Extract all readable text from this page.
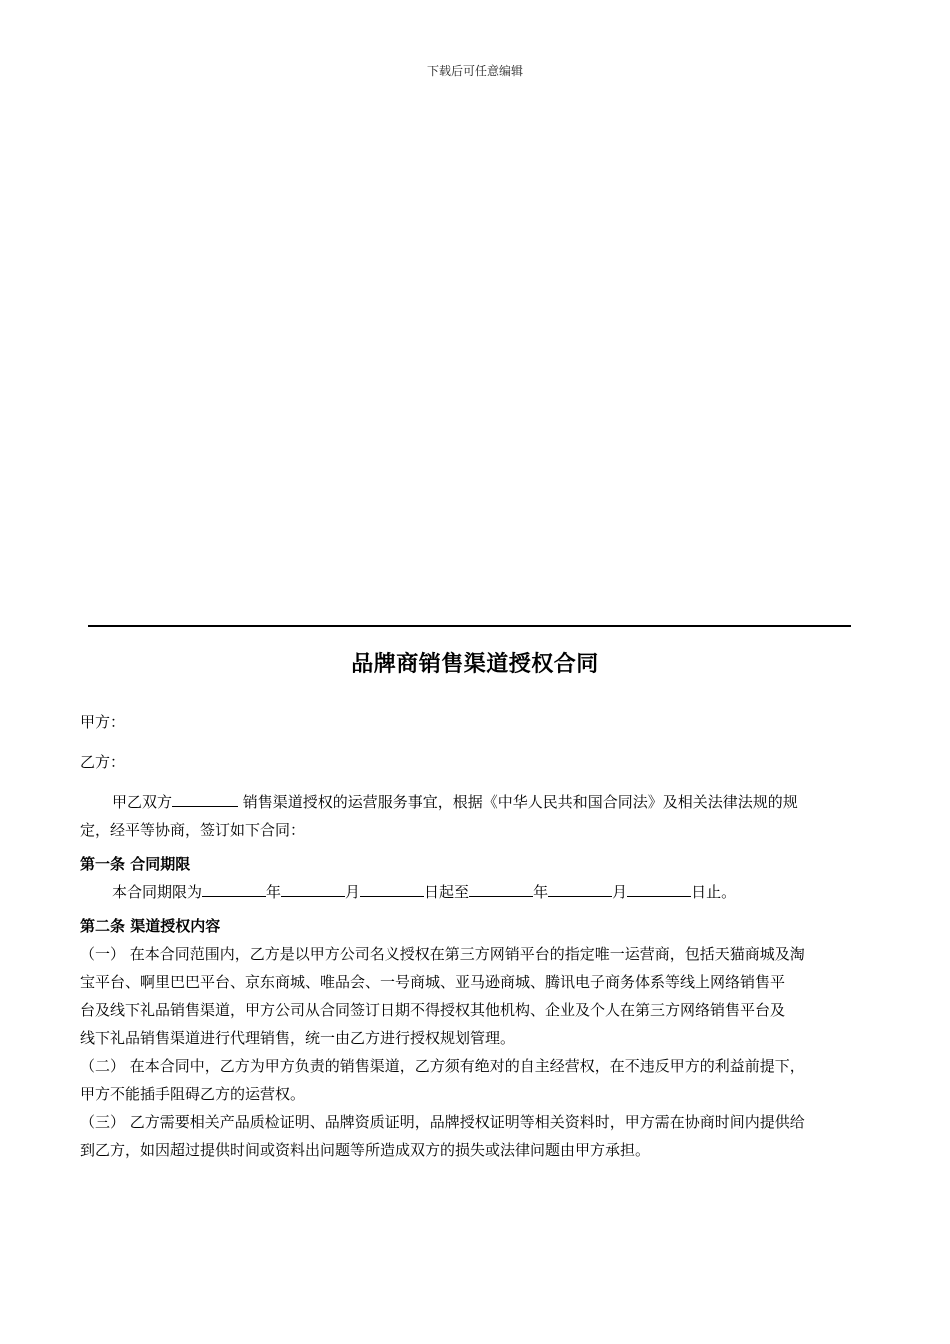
下载后可任意编辑
品牌商销售渠道授权合同

甲方：

乙方：

甲乙双方	销售渠道授权的运营服务事宜，根据《中华人民共和国合同法》及相关法律法规的规

定，经平等协商，签订如下合同：

第一条 合同期限

本合同期限为	年	月	日起至	年	月	日止。

第二条 渠道授权内容

（一） 在本合同范围内，乙方是以甲方公司名义授权在第三方网销平台的指定唯一运营商，包括天猫商城及淘

宝平台、啊里巴巴平台、京东商城、唯品会、一号商城、亚马逊商城、腾讯电子商务体系等线上网络销售平

台及线下礼品销售渠道，甲方公司从合同签订日期不得授权其他机构、企业及个人在第三方网络销售平台及

线下礼品销售渠道进行代理销售，统一由乙方进行授权规划管理。

（二） 在本合同中，乙方为甲方负责的销售渠道，乙方须有绝对的自主经营权，在不违反甲方的利益前提下，

甲方不能插手阻碍乙方的运营权。

（三） 乙方需要相关产品质检证明、品牌资质证明，品牌授权证明等相关资料时，甲方需在协商时间内提供给

到乙方，如因超过提供时间或资料出问题等所造成双方的损失或法律问题由甲方承担。
